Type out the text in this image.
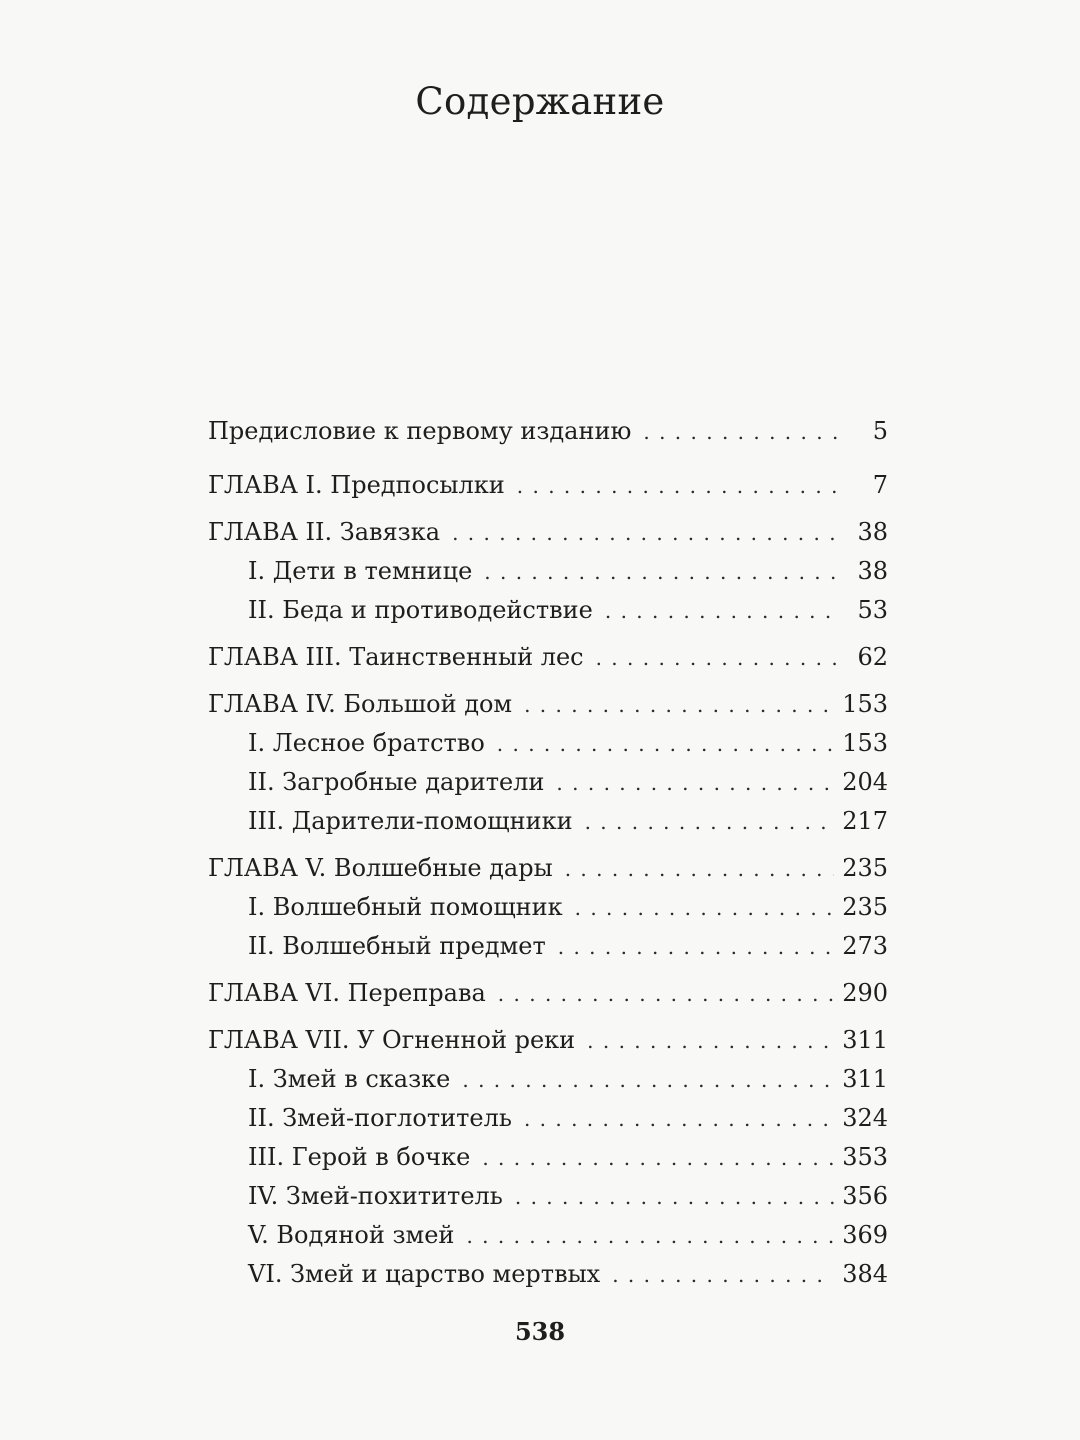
Содержание
Предисловие к первому изданию . . .	5
ГЛАВА I. Предпосылки . . .	7
ГЛАВА II. Завязка . . .	38
I. Дети в темнице . . .	38
II. Беда и противодействие . . .	53
ГЛАВА III. Таинственный лес . . .	62
ГЛАВА IV. Большой дом . . .	153
I. Лесное братство . . .	153
II. Загробные дарители . . .	204
III. Дарители-помощники . . .	217
ГЛАВА V. Волшебные дары . . .	235
I. Волшебный помощник . . .	235
II. Волшебный предмет . . .	273
ГЛАВА VI. Переправа . . .	290
ГЛАВА VII. У Огненной реки . . .	311
I. Змей в сказке . . .	311
II. Змей-поглотитель . . .	324
III. Герой в бочке . . .	353
IV. Змей-похититель . . .	356
V. Водяной змей . . .	369
VI. Змей и царство мертвых . . .	384
538
